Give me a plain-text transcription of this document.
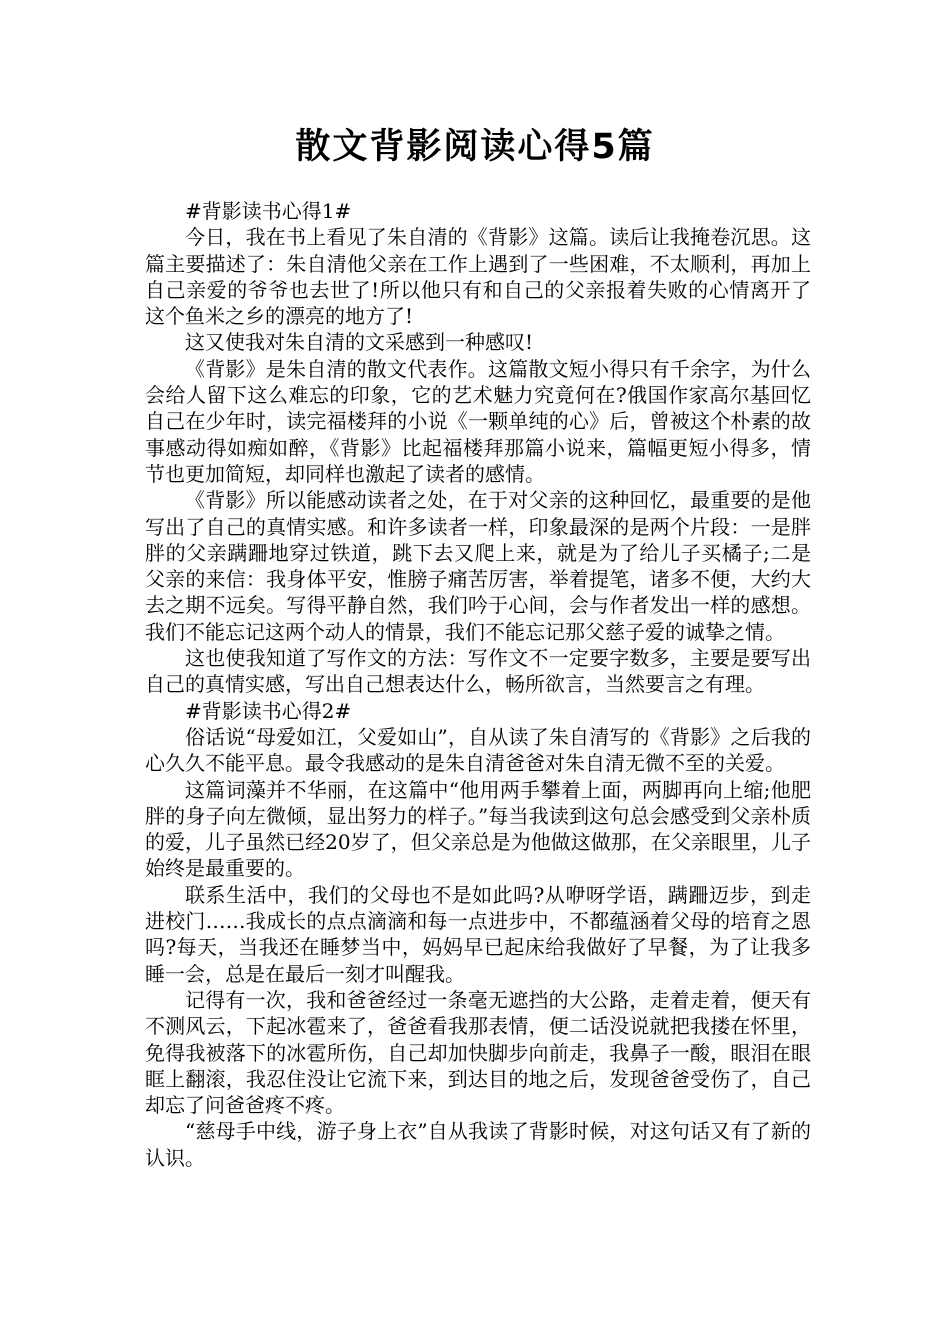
散文背影阅读心得5篇

#背影读书心得1#

今日，我在书上看见了朱自清的《背影》这篇。读后让我掩卷沉思。这篇主要描述了：朱自清他父亲在工作上遇到了一些困难，不太顺利，再加上自己亲爱的爷爷也去世了!所以他只有和自己的父亲报着失败的心情离开了这个鱼米之乡的漂亮的地方了!

这又使我对朱自清的文采感到一种感叹!

《背影》是朱自清的散文代表作。这篇散文短小得只有千余字，为什么会给人留下这么难忘的印象，它的艺术魅力究竟何在?俄国作家高尔基回忆自己在少年时，读完福楼拜的小说《一颗单纯的心》后，曾被这个朴素的故事感动得如痴如醉，《背影》比起福楼拜那篇小说来，篇幅更短小得多，情节也更加简短，却同样也激起了读者的感情。

《背影》所以能感动读者之处，在于对父亲的这种回忆，最重要的是他写出了自己的真情实感。和许多读者一样，印象最深的是两个片段：一是胖胖的父亲蹒跚地穿过铁道，跳下去又爬上来，就是为了给儿子买橘子;二是父亲的来信：我身体平安，惟膀子痛苦厉害，举着提笔，诸多不便，大约大去之期不远矣。写得平静自然，我们吟于心间，会与作者发出一样的感想。我们不能忘记这两个动人的情景，我们不能忘记那父慈子爱的诚挚之情。

这也使我知道了写作文的方法：写作文不一定要字数多，主要是要写出自己的真情实感，写出自己想表达什么，畅所欲言，当然要言之有理。

#背影读书心得2#

俗话说“母爱如江，父爱如山”，自从读了朱自清写的《背影》之后我的心久久不能平息。最令我感动的是朱自清爸爸对朱自清无微不至的关爱。

这篇词藻并不华丽，在这篇中“他用两手攀着上面，两脚再向上缩;他肥胖的身子向左微倾，显出努力的样子。”每当我读到这句总会感受到父亲朴质的爱，儿子虽然已经20岁了，但父亲总是为他做这做那，在父亲眼里，儿子始终是最重要的。

联系生活中，我们的父母也不是如此吗?从咿呀学语，蹒跚迈步，到走进校门……我成长的点点滴滴和每一点进步中，不都蕴涵着父母的培育之恩吗?每天，当我还在睡梦当中，妈妈早已起床给我做好了早餐，为了让我多睡一会，总是在最后一刻才叫醒我。

记得有一次，我和爸爸经过一条毫无遮挡的大公路，走着走着，便天有不测风云，下起冰雹来了，爸爸看我那表情，便二话没说就把我搂在怀里，免得我被落下的冰雹所伤，自己却加快脚步向前走，我鼻子一酸，眼泪在眼眶上翻滚，我忍住没让它流下来，到达目的地之后，发现爸爸受伤了，自己却忘了问爸爸疼不疼。

“慈母手中线，游子身上衣”自从我读了背影时候，对这句话又有了新的认识。
